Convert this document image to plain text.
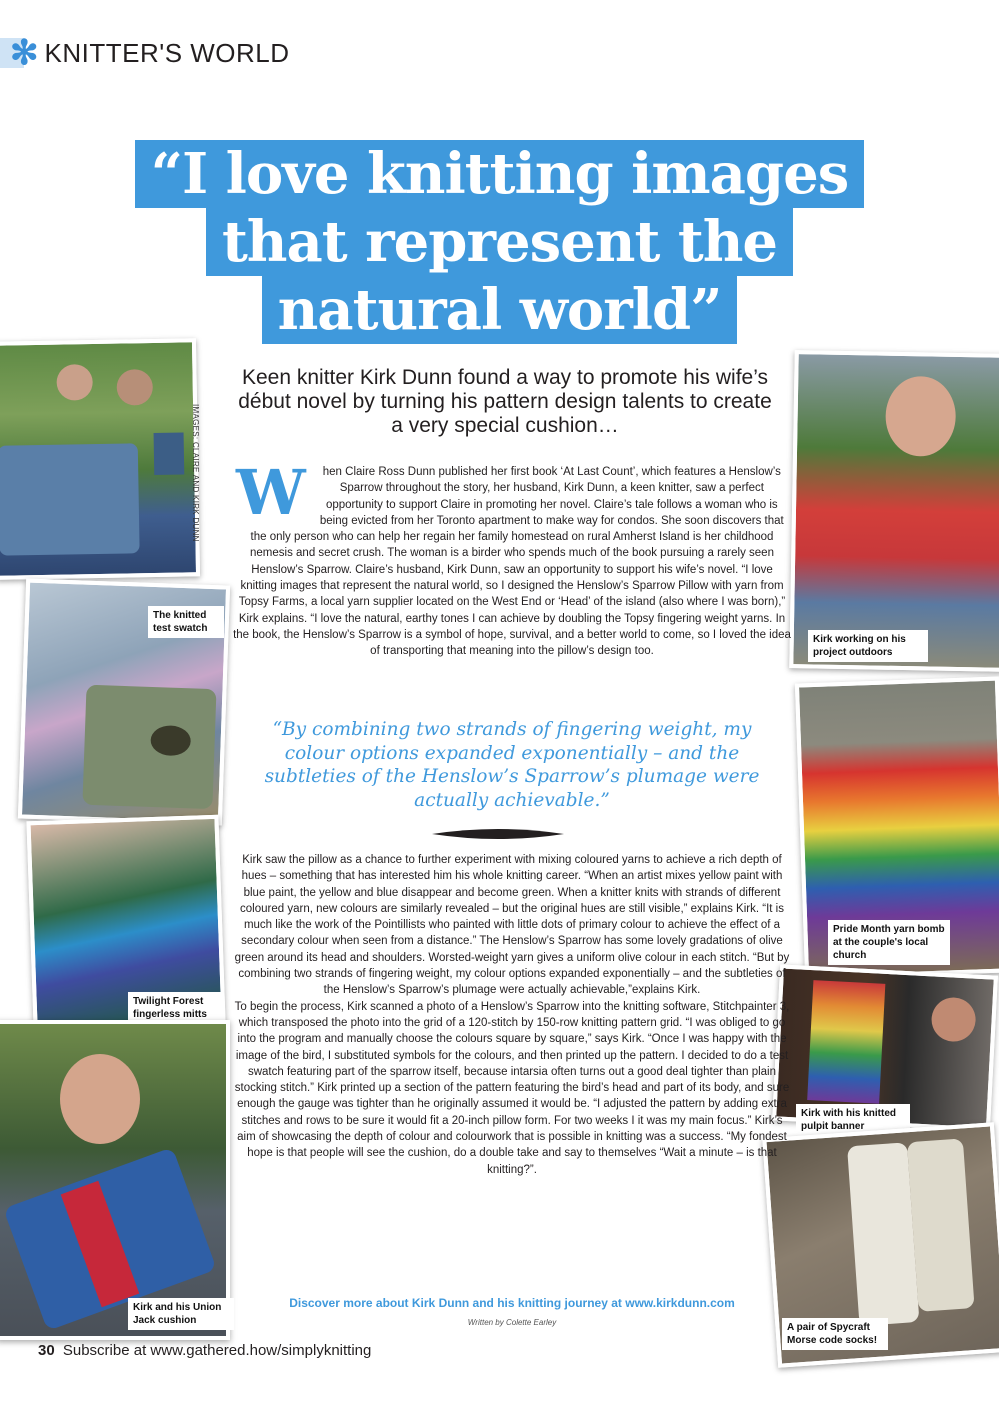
✻ KNITTER'S WORLD
“I love knitting images
that represent the
natural world”
The knitted test swatch
Twilight Forest fingerless mitts
Kirk and his Union Jack cushion
IMAGES: CLAIRE AND KIRK DUNN
Kirk working on his project outdoors
Pride Month yarn bomb at the couple's local church
Kirk with his knitted pulpit banner
A pair of Spycraft Morse code socks!
Keen knitter Kirk Dunn found a way to promote his wife’s début novel by turning his pattern design talents to create a very special cushion…
W	hen Claire Ross Dunn published her first book ‘At Last Count’, which features a Henslow’s Sparrow throughout the story, her husband, Kirk Dunn, a keen knitter, saw a perfect opportunity to support Claire in promoting her novel. Claire’s tale follows a woman who is being evicted from her Toronto apartment to make way for condos. She soon discovers that the only person who can help her regain her family homestead on rural Amherst Island is her childhood nemesis and secret crush. The woman is a birder who spends much of the book pursuing a rarely seen Henslow’s Sparrow. Claire’s husband, Kirk Dunn, saw an opportunity to support his wife’s novel. “I love knitting images that represent the natural world, so I designed the Henslow’s Sparrow Pillow with yarn from Topsy Farms, a local yarn supplier located on the West End or ‘Head’ of the island (also where I was born),” Kirk explains. “I love the natural, earthy tones I can achieve by doubling the Topsy fingering weight yarns. In the book, the Henslow’s Sparrow is a symbol of hope, survival, and a better world to come, so I loved the idea of transporting that meaning into the pillow’s design too.

“By combining two strands of fingering weight, my colour options expanded exponentially – and the subtleties of the Henslow’s Sparrow’s plumage were actually achievable.”

Kirk saw the pillow as a chance to further experiment with mixing coloured yarns to achieve a rich depth of hues – something that has interested him his whole knitting career. “When an artist mixes yellow paint with blue paint, the yellow and blue disappear and become green. When a knitter knits with strands of different coloured yarn, new colours are similarly revealed – but the original hues are still visible,” explains Kirk. “It is much like the work of the Pointillists who painted with little dots of primary colour to achieve the effect of a secondary colour when seen from a distance.” The Henslow’s Sparrow has some lovely gradations of olive green around its head and shoulders. Worsted-weight yarn gives a uniform olive colour in each stitch. “But by combining two strands of fingering weight, my colour options expanded exponentially – and the subtleties of the Henslow’s Sparrow’s plumage were actually achievable,”explains Kirk.

To begin the process, Kirk scanned a photo of a Henslow’s Sparrow into the knitting software, Stitchpainter 3, which transposed the photo into the grid of a 120-stitch by 150-row knitting pattern grid. “I was obliged to go into the program and manually choose the colours square by square,” says Kirk. “Once I was happy with the image of the bird, I substituted symbols for the colours, and then printed up the pattern. I decided to do a test swatch featuring part of the sparrow itself, because intarsia often turns out a good deal tighter than plain stocking stitch.” Kirk printed up a section of the pattern featuring the bird’s head and part of its body, and sure enough the gauge was tighter than he originally assumed it would be. “I adjusted the pattern by adding extra stitches and rows to be sure it would fit a 20-inch pillow form. For two weeks I it was my main focus.” Kirk’s aim of showcasing the depth of colour and colourwork that is possible in knitting was a success. “My fondest hope is that people will see the cushion, do a double take and say to themselves “Wait a minute – is that knitting?”.

Discover more about Kirk Dunn and his knitting journey at www.kirkdunn.com
Written by Colette Earley
30 Subscribe at www.gathered.how/simplyknitting
